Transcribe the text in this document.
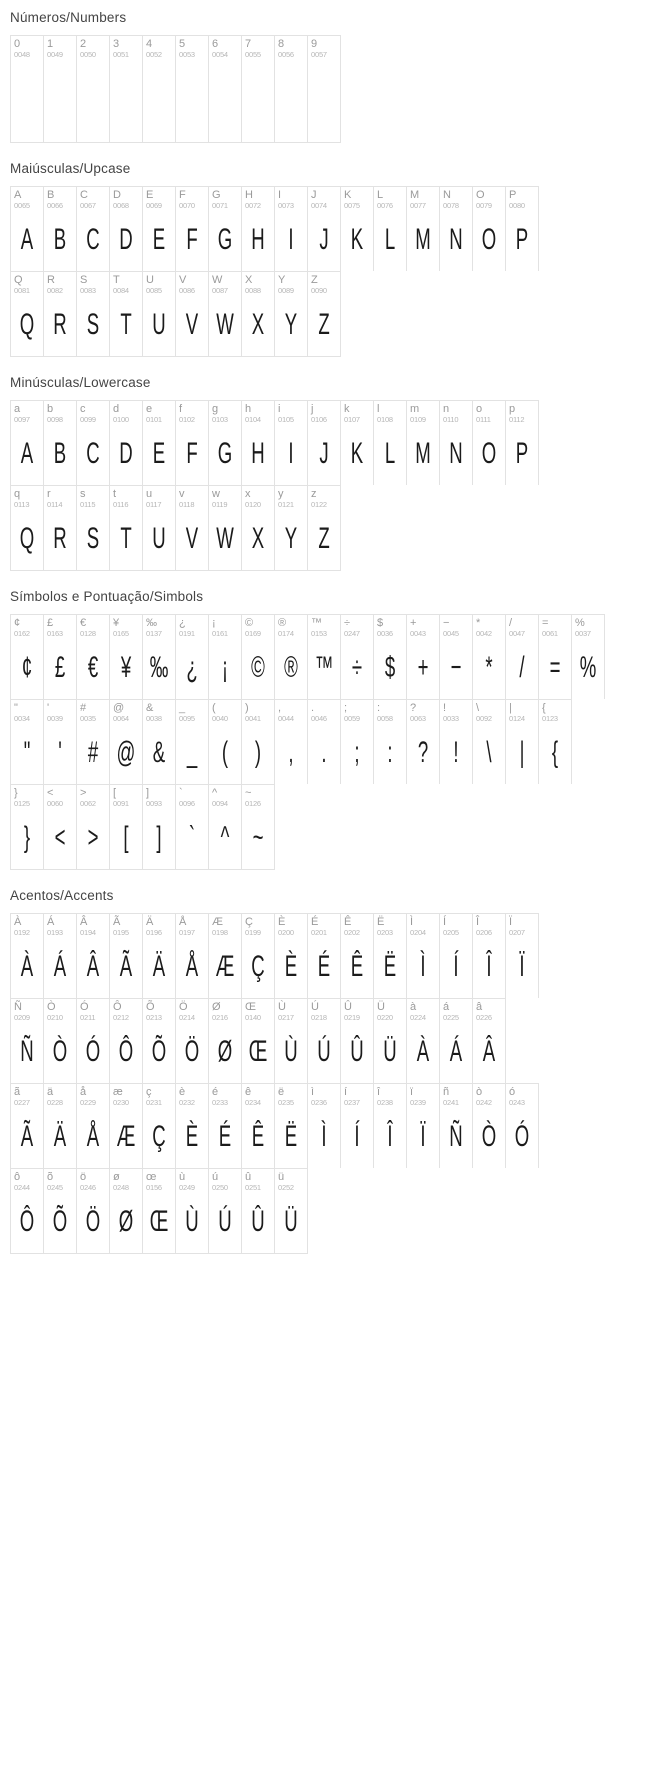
Números/Numbers
0
0048
1
0049
2
0050
3
0051
4
0052
5
0053
6
0054
7
0055
8
0056
9
0057
Maiúsculas/Upcase
A
0065
A
B
0066
B
C
0067
C
D
0068
D
E
0069
E
F
0070
F
G
0071
G
H
0072
H
I
0073
I
J
0074
J
K
0075
K
L
0076
L
M
0077
M
N
0078
N
O
0079
O
P
0080
P
Q
0081
Q
R
0082
R
S
0083
S
T
0084
T
U
0085
U
V
0086
V
W
0087
W
X
0088
X
Y
0089
Y
Z
0090
Z
Minúsculas/Lowercase
a
0097
A
b
0098
B
c
0099
C
d
0100
D
e
0101
E
f
0102
F
g
0103
G
h
0104
H
i
0105
I
j
0106
J
k
0107
K
l
0108
L
m
0109
M
n
0110
N
o
0111
O
p
0112
P
q
0113
Q
r
0114
R
s
0115
S
t
0116
T
u
0117
U
v
0118
V
w
0119
W
x
0120
X
y
0121
Y
z
0122
Z
Símbolos e Pontuação/Simbols
¢
0162
¢
£
0163
£
€
0128
€
¥
0165
¥
‰
0137
‰
¿
0191
¿
¡
0161
¡
©
0169
©
®
0174
®
™
0153
™
÷
0247
÷
$
0036
$
+
0043
+
−
0045
−
*
0042
*
/
0047
/
=
0061
=
%
0037
%
"
0034
"
'
0039
'
#
0035
#
@
0064
@
&
0038
&
_
0095
_
(
0040
(
)
0041
)
,
0044
,
.
0046
.
;
0059
;
:
0058
:
?
0063
?
!
0033
!
\
0092
\
|
0124
|
{
0123
{
}
0125
}
<
0060
<
>
0062
>
[
0091
[
]
0093
]
`
0096
`
^
0094
^
~
0126
~
Acentos/Accents
À
0192
À
Á
0193
Á
Â
0194
Â
Ã
0195
Ã
Ä
0196
Ä
Å
0197
Å
Æ
0198
Æ
Ç
0199
Ç
È
0200
È
É
0201
É
Ê
0202
Ê
Ë
0203
Ë
Ì
0204
Ì
Í
0205
Í
Î
0206
Î
Ï
0207
Ï
Ñ
0209
Ñ
Ò
0210
Ò
Ó
0211
Ó
Ô
0212
Ô
Õ
0213
Õ
Ö
0214
Ö
Ø
0216
Ø
Œ
0140
Œ
Ù
0217
Ù
Ú
0218
Ú
Û
0219
Û
Ü
0220
Ü
à
0224
À
á
0225
Á
â
0226
Â
ã
0227
Ã
ä
0228
Ä
å
0229
Å
æ
0230
Æ
ç
0231
Ç
è
0232
È
é
0233
É
ê
0234
Ê
ë
0235
Ë
ì
0236
Ì
í
0237
Í
î
0238
Î
ï
0239
Ï
ñ
0241
Ñ
ò
0242
Ò
ó
0243
Ó
ô
0244
Ô
õ
0245
Õ
ö
0246
Ö
ø
0248
Ø
œ
0156
Œ
ù
0249
Ù
ú
0250
Ú
û
0251
Û
ü
0252
Ü
